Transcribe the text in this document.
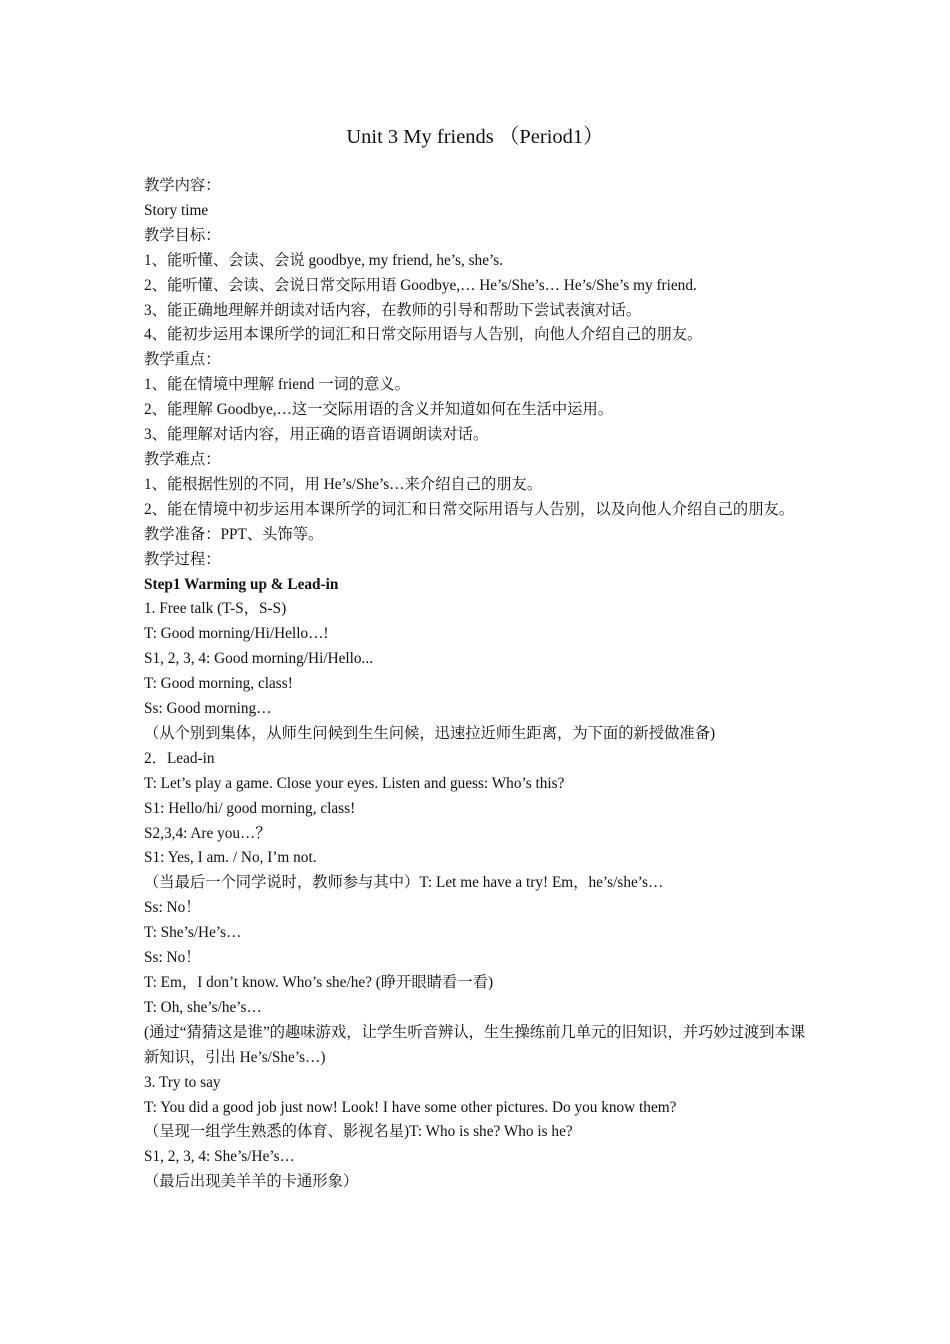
Unit 3 My friends （Period1）

教学内容：

Story time

教学目标：

1、能听懂、会读、会说 goodbye, my friend, he’s, she’s.

2、能听懂、会读、会说日常交际用语 Goodbye,… He’s/She’s… He’s/She’s my friend.

3、能正确地理解并朗读对话内容，在教师的引导和帮助下尝试表演对话。

4、能初步运用本课所学的词汇和日常交际用语与人告别，向他人介绍自己的朋友。

教学重点：

1、能在情境中理解 friend 一词的意义。

2、能理解 Goodbye,…这一交际用语的含义并知道如何在生活中运用。

3、能理解对话内容，用正确的语音语调朗读对话。

教学难点：

1、能根据性别的不同，用 He’s/She’s…来介绍自己的朋友。

2、能在情境中初步运用本课所学的词汇和日常交际用语与人告别，以及向他人介绍自己的朋友。

教学准备：PPT、头饰等。

教学过程：

Step1 Warming up & Lead-in

1. Free talk (T-S，S-S)

T: Good morning/Hi/Hello…!

S1, 2, 3, 4: Good morning/Hi/Hello...

T: Good morning, class!

Ss: Good morning…

（从个别到集体，从师生问候到生生问候，迅速拉近师生距离，为下面的新授做准备)

2．Lead-in

T: Let’s play a game. Close your eyes. Listen and guess: Who’s this?

S1: Hello/hi/ good morning, class!

S2,3,4: Are you…？

S1: Yes, I am. / No, I’m not.

（当最后一个同学说时，教师参与其中）T: Let me have a try! Em，he’s/she’s…

Ss: No！

T: She’s/He’s…

Ss: No！

T: Em，I don’t know. Who’s she/he? (睁开眼睛看一看)

T: Oh, she’s/he’s…

(通过“猜猜这是谁”的趣味游戏，让学生听音辨认，生生操练前几单元的旧知识，并巧妙过渡到本课新知识，引出 He’s/She’s…)

3. Try to say

T: You did a good job just now! Look! I have some other pictures. Do you know them?

（呈现一组学生熟悉的体育、影视名星)T: Who is she? Who is he?

S1, 2, 3, 4: She’s/He’s…

（最后出现美羊羊的卡通形象）
